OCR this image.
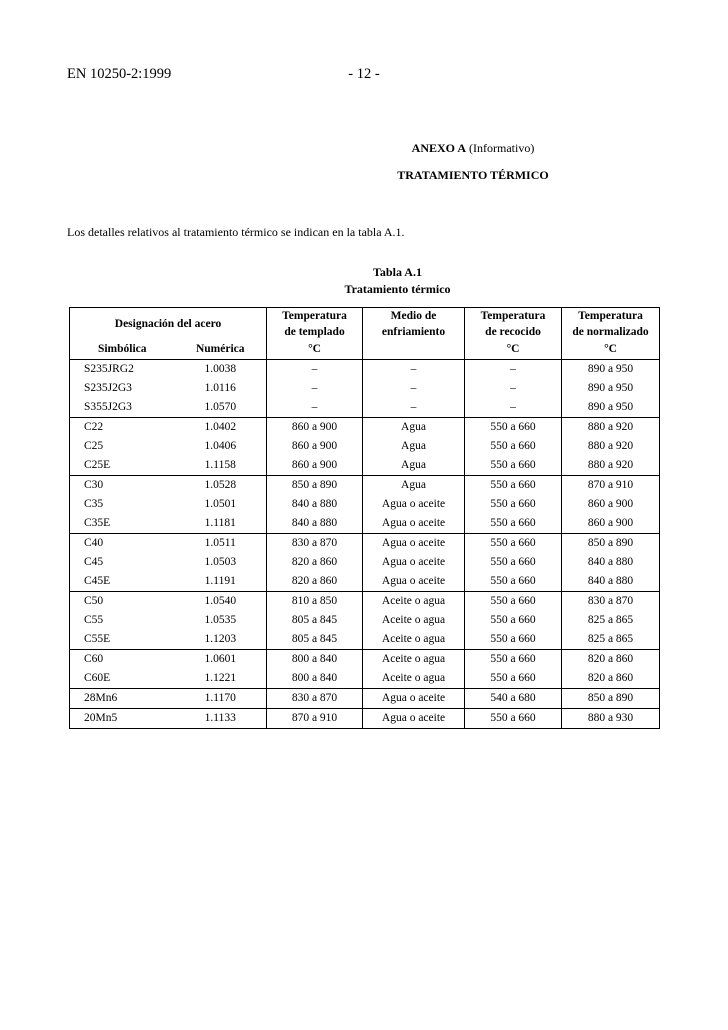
EN 10250-2:1999	- 12 -
ANEXO A (Informativo)
TRATAMIENTO TÉRMICO
Los detalles relativos al tratamiento térmico se indican en la tabla A.1.
Tabla A.1
Tratamiento térmico
Designación del acero		Temperatura	Medio de	Temperatura	Temperatura
		de templado	enfriamiento	de recocido	de normalizado
Simbólica	Numérica	°C		°C	°C
S235JRG2	1.0038	–	–	–	890 a 950
S235J2G3	1.0116	–	–	–	890 a 950
S355J2G3	1.0570	–	–	–	890 a 950
C22	1.0402	860 a 900	Agua	550 a 660	880 a 920
C25	1.0406	860 a 900	Agua	550 a 660	880 a 920
C25E	1.1158	860 a 900	Agua	550 a 660	880 a 920
C30	1.0528	850 a 890	Agua	550 a 660	870 a 910
C35	1.0501	840 a 880	Agua o aceite	550 a 660	860 a 900
C35E	1.1181	840 a 880	Agua o aceite	550 a 660	860 a 900
C40	1.0511	830 a 870	Agua o aceite	550 a 660	850 a 890
C45	1.0503	820 a 860	Agua o aceite	550 a 660	840 a 880
C45E	1.1191	820 a 860	Agua o aceite	550 a 660	840 a 880
C50	1.0540	810 a 850	Aceite o agua	550 a 660	830 a 870
C55	1.0535	805 a 845	Aceite o agua	550 a 660	825 a 865
C55E	1.1203	805 a 845	Aceite o agua	550 a 660	825 a 865
C60	1.0601	800 a 840	Aceite o agua	550 a 660	820 a 860
C60E	1.1221	800 a 840	Aceite o agua	550 a 660	820 a 860
28Mn6	1.1170	830 a 870	Agua o aceite	540 a 680	850 a 890
20Mn5	1.1133	870 a 910	Agua o aceite	550 a 660	880 a 930
